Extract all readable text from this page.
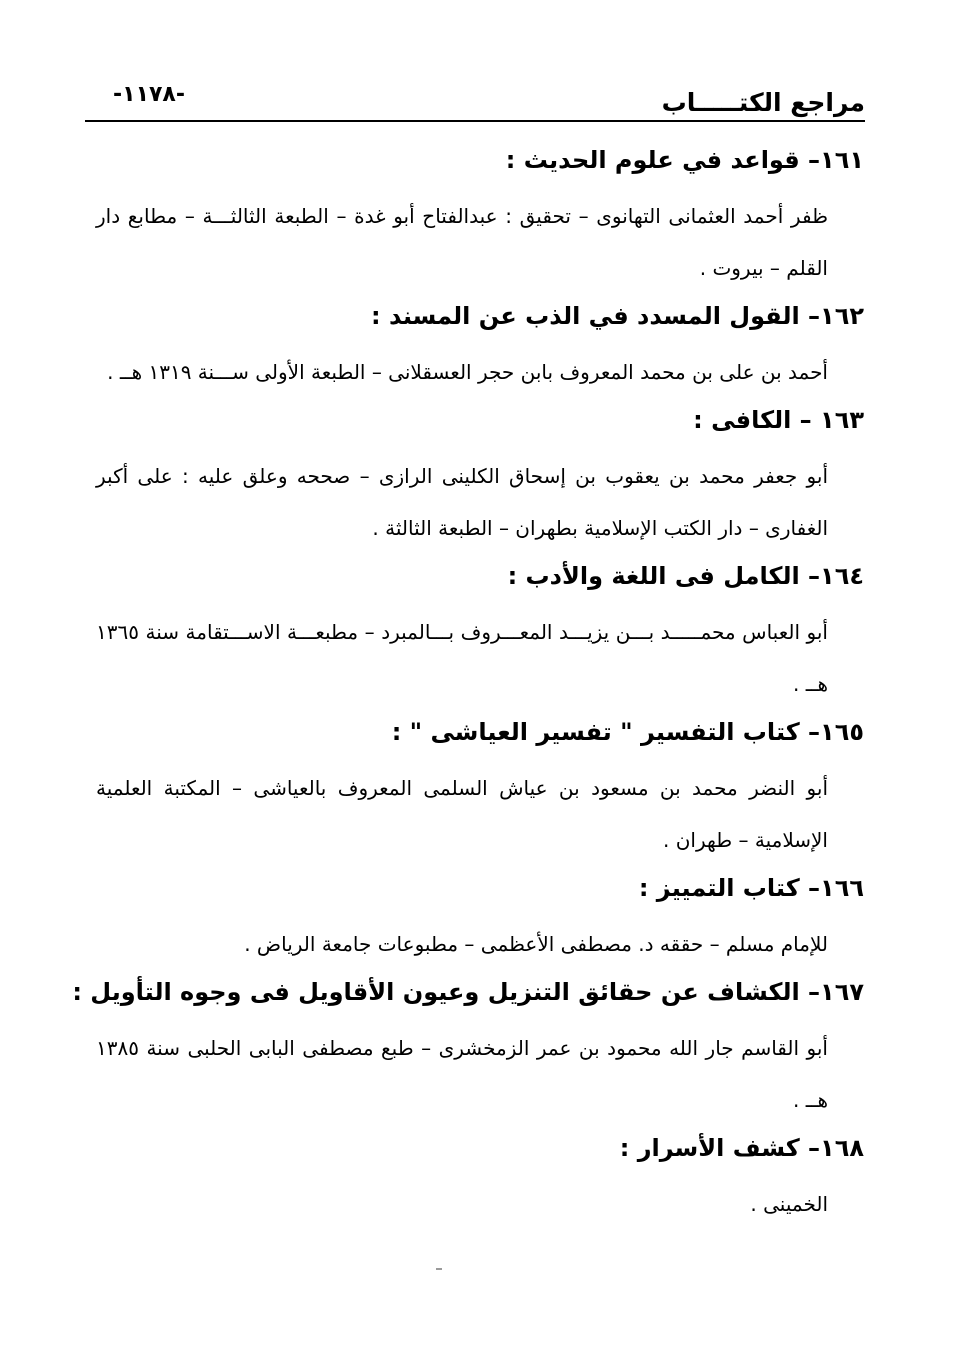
مراجع الكتـــــاب
-١١٧٨-
١٦١– قواعد في علوم الحديث :
ظفر أحمد العثمانى التهانوى – تحقيق : عبدالفتاح أبو غدة – الطبعة الثالثـــة – مطابع دار القلم – بيروت .
١٦٢– القول المسدد في الذب عن المسند :
أحمد بن على بن محمد المعروف بابن حجر العسقلانى – الطبعة الأولى ســـنة ١٣١٩ هــ .
١٦٣ – الكافى :
أبو جعفر محمد بن يعقوب بن إسحاق الكلينى الرازى – صححه وعلق عليه : على أكبر الغفارى – دار الكتب الإسلامية بطهران – الطبعة الثالثة .
١٦٤– الكامل فى اللغة والأدب :
أبو العباس محمـــــد بـــن يزيـــد المعـــروف بـــالمبرد – مطبعـــة الاســـتقامة سنة ١٣٦٥ هــ .
١٦٥– كتاب التفسير " تفسير العياشى " :
أبو النضر محمد بن مسعود بن عياش السلمى المعروف بالعياشى – المكتبة العلمية الإسلامية – طهران .
١٦٦– كتاب التمييز :
للإمام مسلم – حققه د. مصطفى الأعظمى – مطبوعات جامعة الرياض .
١٦٧– الكشاف عن حقائق التنزيل وعيون الأقاويل فى وجوه التأويل :
أبو القاسم جار الله محمود بن عمر الزمخشرى – طبع مصطفى البابى الحلبى سنة ١٣٨٥ هــ .
١٦٨– كشف الأسرار :
الخمينى .
